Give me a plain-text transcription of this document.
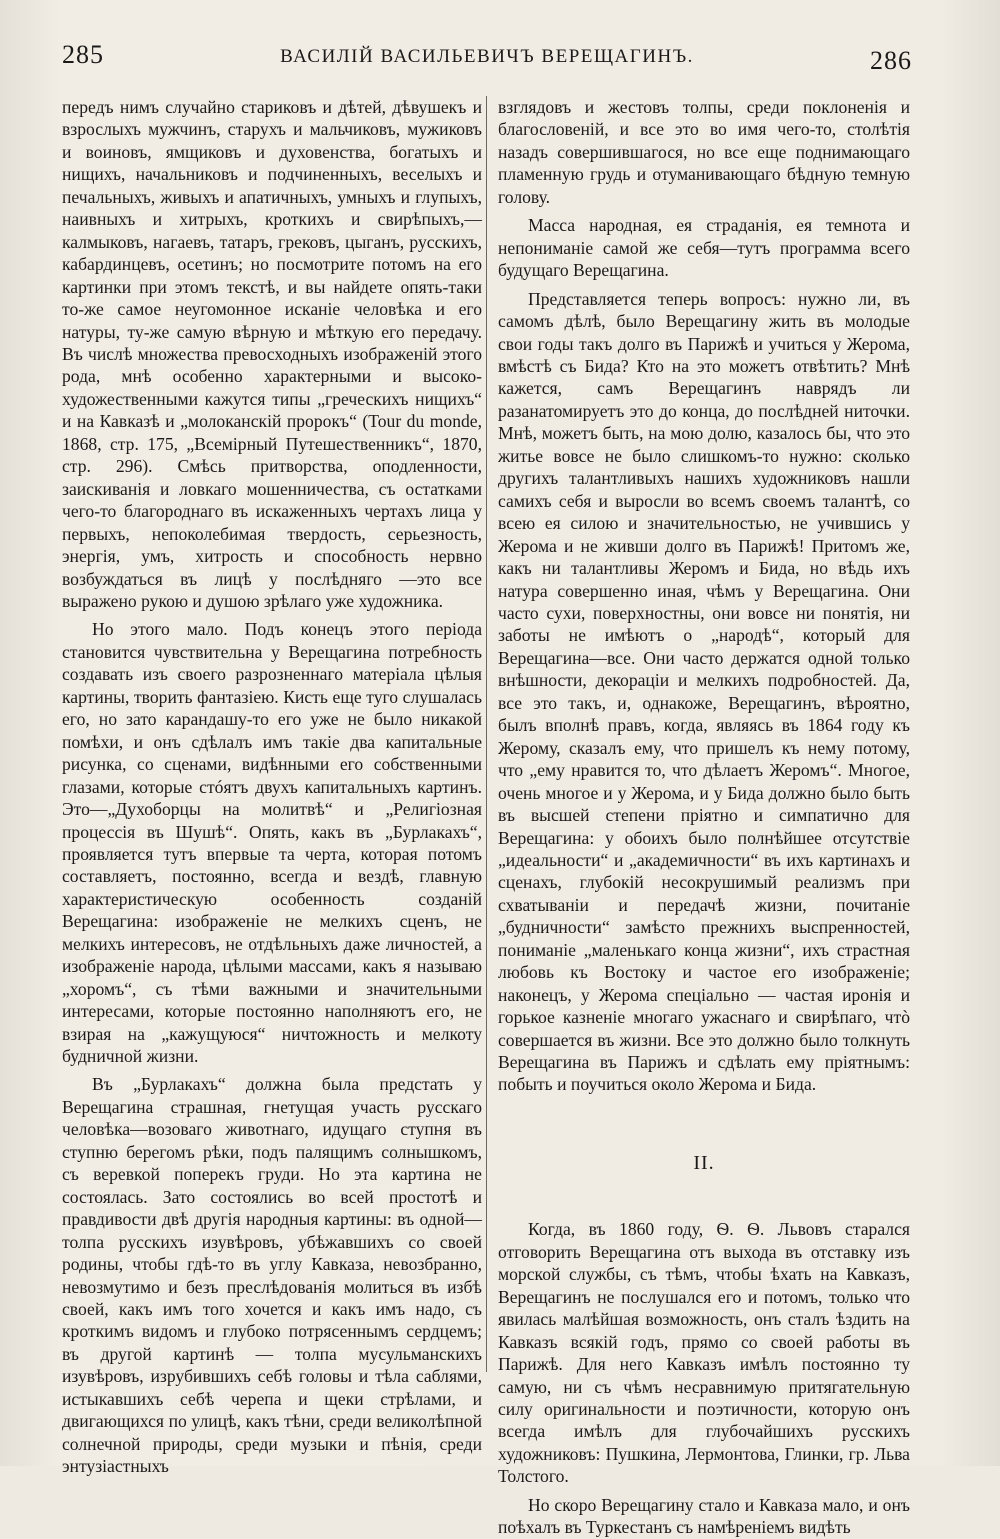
285	ВАСИЛІЙ ВАСИЛЬЕВИЧЪ ВЕРЕЩАГИНЪ.	286

передъ нимъ случайно стариковъ и дѣтей, дѣвушекъ и взрослыхъ мужчинъ, старухъ и мальчиковъ, мужиковъ и воиновъ, ямщиковъ и духовенства, богатыхъ и нищихъ, начальниковъ и подчиненныхъ, веселыхъ и печальныхъ, живыхъ и апатичныхъ, умныхъ и глупыхъ, наивныхъ и хитрыхъ, кроткихъ и свирѣпыхъ,— калмыковъ, нагаевъ, татаръ, грековъ, цыганъ, русскихъ, кабардинцевъ, осетинъ; но посмотрите потомъ на его картинки при этомъ текстѣ, и вы найдете опять-таки то-же самое неугомонное исканіе человѣка и его натуры, ту-же самую вѣрную и мѣткую его передачу. Въ числѣ множества превосходныхъ изображеній этого рода, мнѣ особенно характерными и высоко-художественными кажутся типы „греческихъ нищихъ“ и на Кавказѣ и „молоканскій пророкъ“ (Tour du monde, 1868, стр. 175, „Всемірный Путешественникъ“, 1870, стр. 296). Смѣсь притворства, оподленности, заискиванія и ловкаго мошенничества, съ остатками чего-то благороднаго въ искаженныхъ чертахъ лица у первыхъ, непоколебимая твердость, серьезность, энергія, умъ, хитрость и способность нервно возбуждаться въ лицѣ у послѣдняго —это все выражено рукою и душою зрѣлаго уже художника.

Но этого мало. Подъ конецъ этого періода становится чувствительна у Верещагина потребность создавать изъ своего разрозненнаго матеріала цѣлыя картины, творить фантазіею. Кисть еще туго слушалась его, но зато карандашу-то его уже не было никакой помѣхи, и онъ сдѣлалъ имъ такіе два капитальные рисунка, со сценами, видѣнными его собственными глазами, которые стóятъ двухъ капитальныхъ картинъ. Это—„Духоборцы на молитвѣ“ и „Религіозная процессія въ Шушѣ“. Опять, какъ въ „Бурлакахъ“, проявляется тутъ впервые та черта, которая потомъ составляетъ, постоянно, всегда и вездѣ, главную характеристическую особенность созданій Верещагина: изображеніе не мелкихъ сценъ, не мелкихъ интересовъ, не отдѣльныхъ даже личностей, а изображеніе народа, цѣлыми массами, какъ я называю „хоромъ“, съ тѣми важными и значительными интересами, которые постоянно наполняютъ его, не взирая на „кажущуюся“ ничтожность и мелкоту будничной жизни.

Въ „Бурлакахъ“ должна была предстать у Верещагина страшная, гнетущая участь русскаго человѣка—возоваго животнаго, идущаго ступня въ ступню берегомъ рѣки, подъ палящимъ солнышкомъ, съ веревкой поперекъ груди. Но эта картина не состоялась. Зато состоялись во всей простотѣ и правдивости двѣ другія народныя картины: въ одной—толпа русскихъ изувѣровъ, убѣжавшихъ со своей родины, чтобы гдѣ-то въ углу Кавказа, невозбранно, невозмутимо и безъ преслѣдованія молиться въ избѣ своей, какъ имъ того хочется и какъ имъ надо, съ кроткимъ видомъ и глубоко потрясеннымъ сердцемъ; въ другой картинѣ — толпа мусульманскихъ изувѣровъ, изрубившихъ себѣ головы и тѣла саблями, истыкавшихъ себѣ черепа и щеки стрѣлами, и двигающихся по улицѣ, какъ тѣни, среди великолѣпной солнечной природы, среди музыки и пѣнія, среди энтузіастныхъ

взглядовъ и жестовъ толпы, среди поклоненія и благословеній, и все это во имя чего-то, столѣтія назадъ совершившагося, но все еще поднимающаго пламенную грудь и отуманивающаго бѣдную темную голову.

Масса народная, ея страданія, ея темнота и непониманіе самой же себя—тутъ программа всего будущаго Верещагина.

Представляется теперь вопросъ: нужно ли, въ самомъ дѣлѣ, было Верещагину жить въ молодые свои годы такъ долго въ Парижѣ и учиться у Жерома, вмѣстѣ съ Бида? Кто на это можетъ отвѣтить? Мнѣ кажется, самъ Верещагинъ наврядъ ли разанатомируетъ это до конца, до послѣдней ниточки. Мнѣ, можетъ быть, на мою долю, казалось бы, что это житье вовсе не было слишкомъ-то нужно: сколько другихъ талантливыхъ нашихъ художниковъ нашли самихъ себя и выросли во всемъ своемъ талантѣ, со всею ея силою и значительностью, не учившись у Жерома и не живши долго въ Парижѣ! Притомъ же, какъ ни талантливы Жеромъ и Бида, но вѣдь ихъ натура совершенно иная, чѣмъ у Верещагина. Они часто сухи, поверхностны, они вовсе ни понятія, ни заботы не имѣютъ о „народѣ“, который для Верещагина—все. Они часто держатся одной только внѣшности, декораціи и мелкихъ подробностей. Да, все это такъ, и, однакоже, Верещагинъ, вѣроятно, былъ вполнѣ правъ, когда, являясь въ 1864 году къ Жерому, сказалъ ему, что пришелъ къ нему потому, что „ему нравится то, что дѣлаетъ Жеромъ“. Многое, очень многое и у Жерома, и у Бида должно было быть въ высшей степени пріятно и симпатично для Верещагина: у обоихъ было полнѣйшее отсутствіе „идеальности“ и „академичности“ въ ихъ картинахъ и сценахъ, глубокій несокрушимый реализмъ при схватываніи и передачѣ жизни, почитаніе „будничности“ замѣсто прежнихъ выспренностей, пониманіе „маленькаго конца жизни“, ихъ страстная любовь къ Востоку и частое его изображеніе; наконецъ, у Жерома спеціально — частая иронія и горькое казненіе многаго ужаснаго и свирѣпаго, чтò совершается въ жизни. Все это должно было толкнуть Верещагина въ Парижъ и сдѣлать ему пріятнымъ: побыть и поучиться около Жерома и Бида.

II.

Когда, въ 1860 году, Ѳ. Ѳ. Львовъ старался отговорить Верещагина отъ выхода въ отставку изъ морской службы, съ тѣмъ, чтобы ѣхать на Кавказъ, Верещагинъ не послушался его и потомъ, только что явилась малѣйшая возможность, онъ сталъ ѣздить на Кавказъ всякій годъ, прямо со своей работы въ Парижѣ. Для него Кавказъ имѣлъ постоянно ту самую, ни съ чѣмъ несравнимую притягательную силу оригинальности и поэтичности, которую онъ всегда имѣлъ для глубочайшихъ русскихъ художниковъ: Пушкина, Лермонтова, Глинки, гр. Льва Толстого.

Но скоро Верещагину стало и Кавказа мало, и онъ поѣхалъ въ Туркестанъ съ намѣреніемъ видѣть
